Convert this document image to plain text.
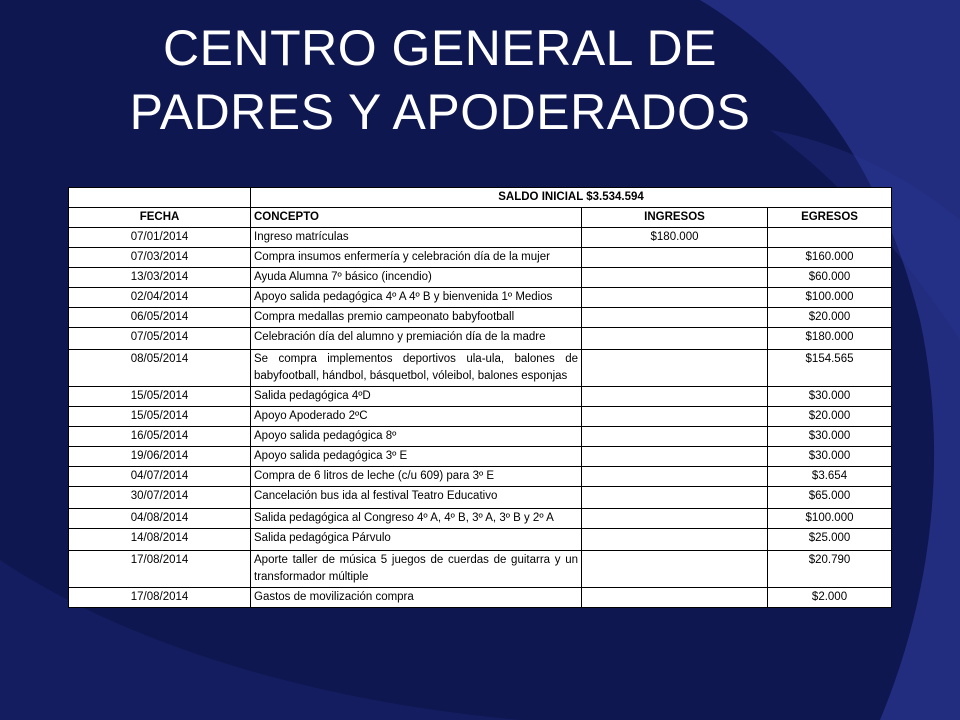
CENTRO GENERAL DE
PADRES Y APODERADOS
	SALDO INICIAL $3.534.594		
FECHA	CONCEPTO	INGRESOS	EGRESOS
07/01/2014	Ingreso matrículas	$180.000	
07/03/2014	Compra insumos enfermería y celebración día de la mujer		$160.000
13/03/2014	Ayuda Alumna 7º básico (incendio)		$60.000
02/04/2014	Apoyo salida pedagógica 4º A 4º B y bienvenida 1º Medios		$100.000
06/05/2014	Compra medallas premio campeonato babyfootball		$20.000
07/05/2014	Celebración día del alumno y premiación día de la madre		$180.000
08/05/2014	Se compra implementos deportivos ula-ula, balones de babyfootball, hándbol, básquetbol, vóleibol, balones esponjas		$154.565
15/05/2014	Salida pedagógica 4ºD		$30.000
15/05/2014	Apoyo Apoderado 2ºC		$20.000
16/05/2014	Apoyo salida pedagógica 8º		$30.000
19/06/2014	Apoyo salida pedagógica 3º E		$30.000
04/07/2014	Compra de 6 litros de leche (c/u 609) para 3º E		$3.654
30/07/2014	Cancelación bus ida al festival Teatro Educativo		$65.000
04/08/2014	Salida pedagógica al Congreso 4º A, 4º B, 3º A, 3º B y 2º A		$100.000
14/08/2014	Salida pedagógica Párvulo		$25.000
17/08/2014	Aporte taller de música 5 juegos de cuerdas de guitarra y un transformador múltiple		$20.790
17/08/2014	Gastos de movilización compra		$2.000
